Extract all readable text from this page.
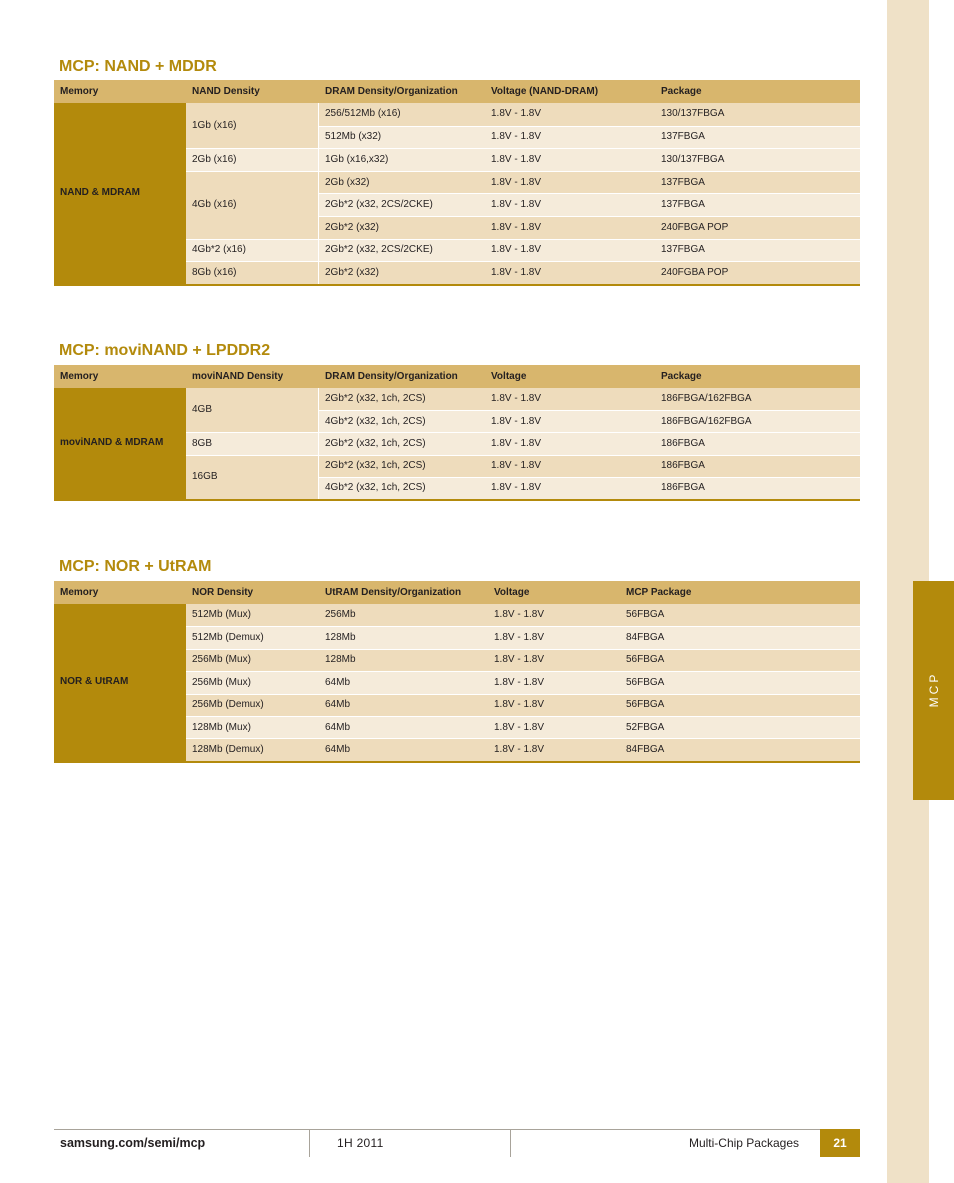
MCP
MCP: NAND + MDDR
Memory	NAND Density	DRAM Density/Organization	Voltage (NAND-DRAM)	Package
NAND & MDRAM	1Gb (x16)	256/512Mb (x16)	1.8V - 1.8V	130/137FBGA
		512Mb (x32)	1.8V - 1.8V	137FBGA
	2Gb (x16)	1Gb (x16,x32)	1.8V - 1.8V	130/137FBGA
	4Gb (x16)	2Gb (x32)	1.8V - 1.8V	137FBGA
		2Gb*2 (x32, 2CS/2CKE)	1.8V - 1.8V	137FBGA
		2Gb*2 (x32)	1.8V - 1.8V	240FBGA POP
	4Gb*2 (x16)	2Gb*2 (x32, 2CS/2CKE)	1.8V - 1.8V	137FBGA
	8Gb (x16)	2Gb*2 (x32)	1.8V - 1.8V	240FGBA POP
MCP: moviNAND + LPDDR2
Memory	moviNAND Density	DRAM Density/Organization	Voltage	Package
moviNAND & MDRAM	4GB	2Gb*2 (x32, 1ch, 2CS)	1.8V - 1.8V	186FBGA/162FBGA
		4Gb*2 (x32, 1ch, 2CS)	1.8V - 1.8V	186FBGA/162FBGA
	8GB	2Gb*2 (x32, 1ch, 2CS)	1.8V - 1.8V	186FBGA
	16GB	2Gb*2 (x32, 1ch, 2CS)	1.8V - 1.8V	186FBGA
		4Gb*2 (x32, 1ch, 2CS)	1.8V - 1.8V	186FBGA
MCP: NOR + UtRAM
Memory	NOR Density	UtRAM Density/Organization	Voltage	MCP Package
NOR & UtRAM	512Mb (Mux)	256Mb	1.8V - 1.8V	56FBGA
	512Mb (Demux)	128Mb	1.8V - 1.8V	84FBGA
	256Mb (Mux)	128Mb	1.8V - 1.8V	56FBGA
	256Mb (Mux)	64Mb	1.8V - 1.8V	56FBGA
	256Mb (Demux)	64Mb	1.8V - 1.8V	56FBGA
	128Mb (Mux)	64Mb	1.8V - 1.8V	52FBGA
	128Mb (Demux)	64Mb	1.8V - 1.8V	84FBGA
samsung.com/semi/mcp	1H 2011	Multi-Chip Packages	21
